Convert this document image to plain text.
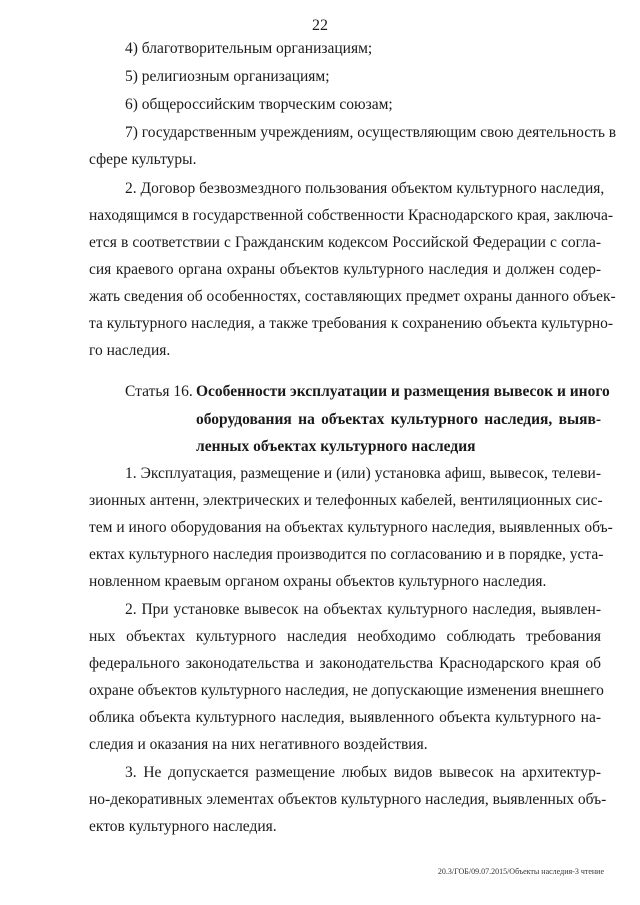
22
4) благотворительным организациям;
5) религиозным организациям;
6) общероссийским творческим союзам;
7) государственным учреждениям, осуществляющим свою деятельность в
сфере культуры.
2. Договор безвозмездного пользования объектом культурного наследия,
находящимся в государственной собственности Краснодарского края, заключа-
ется в соответствии с Гражданским кодексом Российской Федерации с согла-
сия краевого органа охраны объектов культурного наследия и должен содер-
жать сведения об особенностях, составляющих предмет охраны данного объек-
та культурного наследия, а также требования к сохранению объекта культурно-
го наследия.
Статья 16. Особенности эксплуатации и размещения вывесок и иного
оборудования на объектах культурного наследия, выяв-
ленных объектах культурного наследия
1. Эксплуатация, размещение и (или) установка афиш, вывесок, телеви-
зионных антенн, электрических и телефонных кабелей, вентиляционных сис-
тем и иного оборудования на объектах культурного наследия, выявленных объ-
ектах культурного наследия производится по согласованию и в порядке, уста-
новленном краевым органом охраны объектов культурного наследия.
2. При установке вывесок на объектах культурного наследия, выявлен-
ных объектах культурного наследия необходимо соблюдать требования
федерального законодательства и законодательства Краснодарского края об
охране объектов культурного наследия, не допускающие изменения внешнего
облика объекта культурного наследия, выявленного объекта культурного на-
следия и оказания на них негативного воздействия.
3. Не допускается размещение любых видов вывесок на архитектур-
но-декоративных элементах объектов культурного наследия, выявленных объ-
ектов культурного наследия.
20.3/ГОБ/09.07.2015/Объекты наследия-3 чтение
